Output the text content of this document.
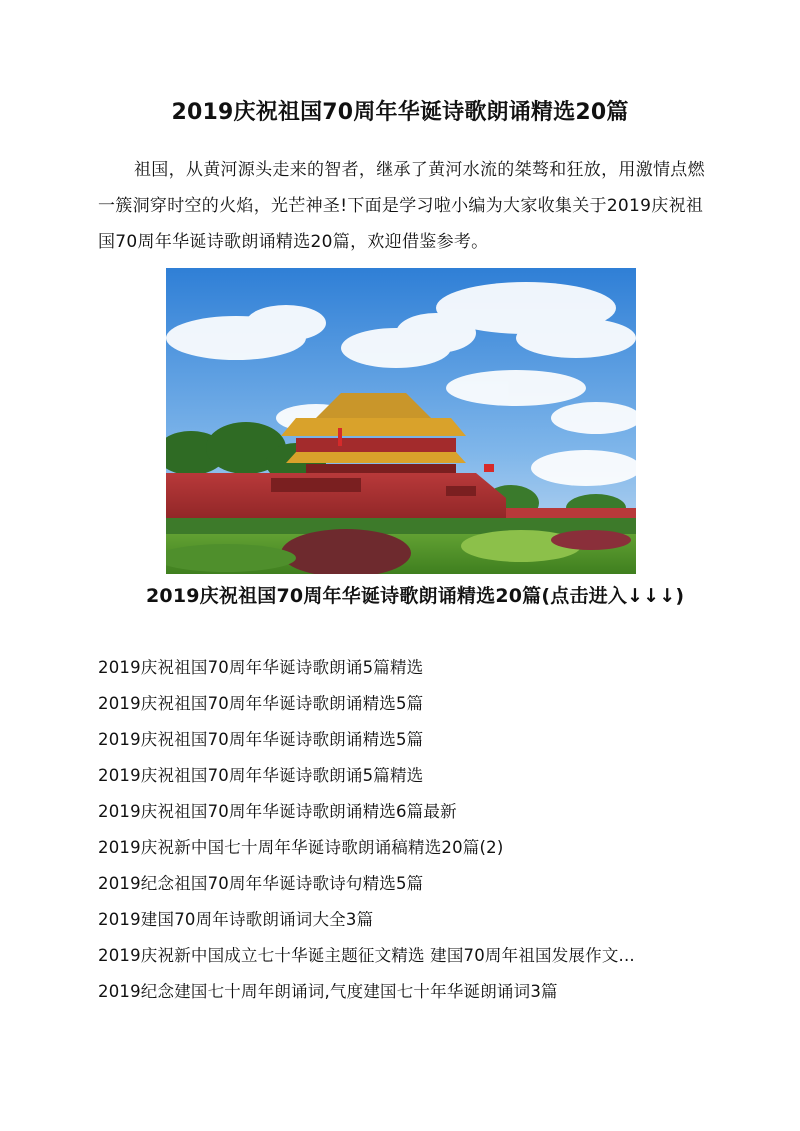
2019庆祝祖国70周年华诞诗歌朗诵精选20篇
祖国，从黄河源头走来的智者，继承了黄河水流的桀骜和狂放，用激情点燃一簇洞穿时空的火焰，光芒神圣!下面是学习啦小编为大家收集关于2019庆祝祖国70周年华诞诗歌朗诵精选20篇，欢迎借鉴参考。
2019庆祝祖国70周年华诞诗歌朗诵精选20篇(点击进入↓↓↓)
2019庆祝祖国70周年华诞诗歌朗诵5篇精选
2019庆祝祖国70周年华诞诗歌朗诵精选5篇
2019庆祝祖国70周年华诞诗歌朗诵精选5篇
2019庆祝祖国70周年华诞诗歌朗诵5篇精选
2019庆祝祖国70周年华诞诗歌朗诵精选6篇最新
2019庆祝新中国七十周年华诞诗歌朗诵稿精选20篇(2)
2019纪念祖国70周年华诞诗歌诗句精选5篇
2019建国70周年诗歌朗诵词大全3篇
2019庆祝新中国成立七十华诞主题征文精选 建国70周年祖国发展作文...
2019纪念建国七十周年朗诵词,气度建国七十年华诞朗诵词3篇
